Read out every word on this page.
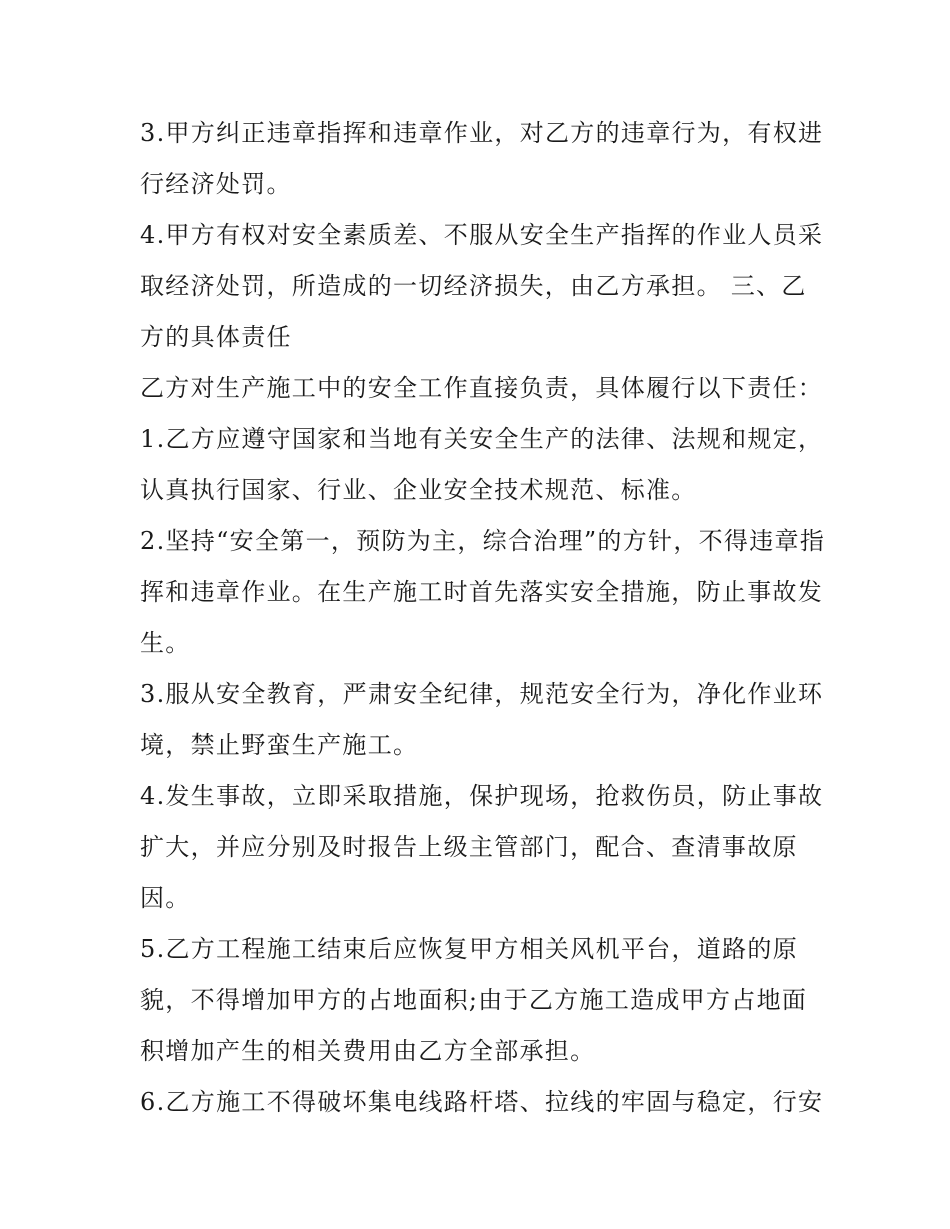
3.甲方纠正违章指挥和违章作业，对乙方的违章行为，有权进
行经济处罚。
4.甲方有权对安全素质差、不服从安全生产指挥的作业人员采
取经济处罚，所造成的一切经济损失，由乙方承担。 三、乙
方的具体责任
乙方对生产施工中的安全工作直接负责，具体履行以下责任：
1.乙方应遵守国家和当地有关安全生产的法律、法规和规定，
认真执行国家、行业、企业安全技术规范、标准。
2.坚持“安全第一，预防为主，综合治理”的方针，不得违章指
挥和违章作业。在生产施工时首先落实安全措施，防止事故发
生。
3.服从安全教育，严肃安全纪律，规范安全行为，净化作业环
境，禁止野蛮生产施工。
4.发生事故，立即采取措施，保护现场，抢救伤员，防止事故
扩大，并应分别及时报告上级主管部门，配合、查清事故原
因。
5.乙方工程施工结束后应恢复甲方相关风机平台，道路的原
貌，不得增加甲方的占地面积;由于乙方施工造成甲方占地面
积增加产生的相关费用由乙方全部承担。
6.乙方施工不得破坏集电线路杆塔、拉线的牢固与稳定，行安
